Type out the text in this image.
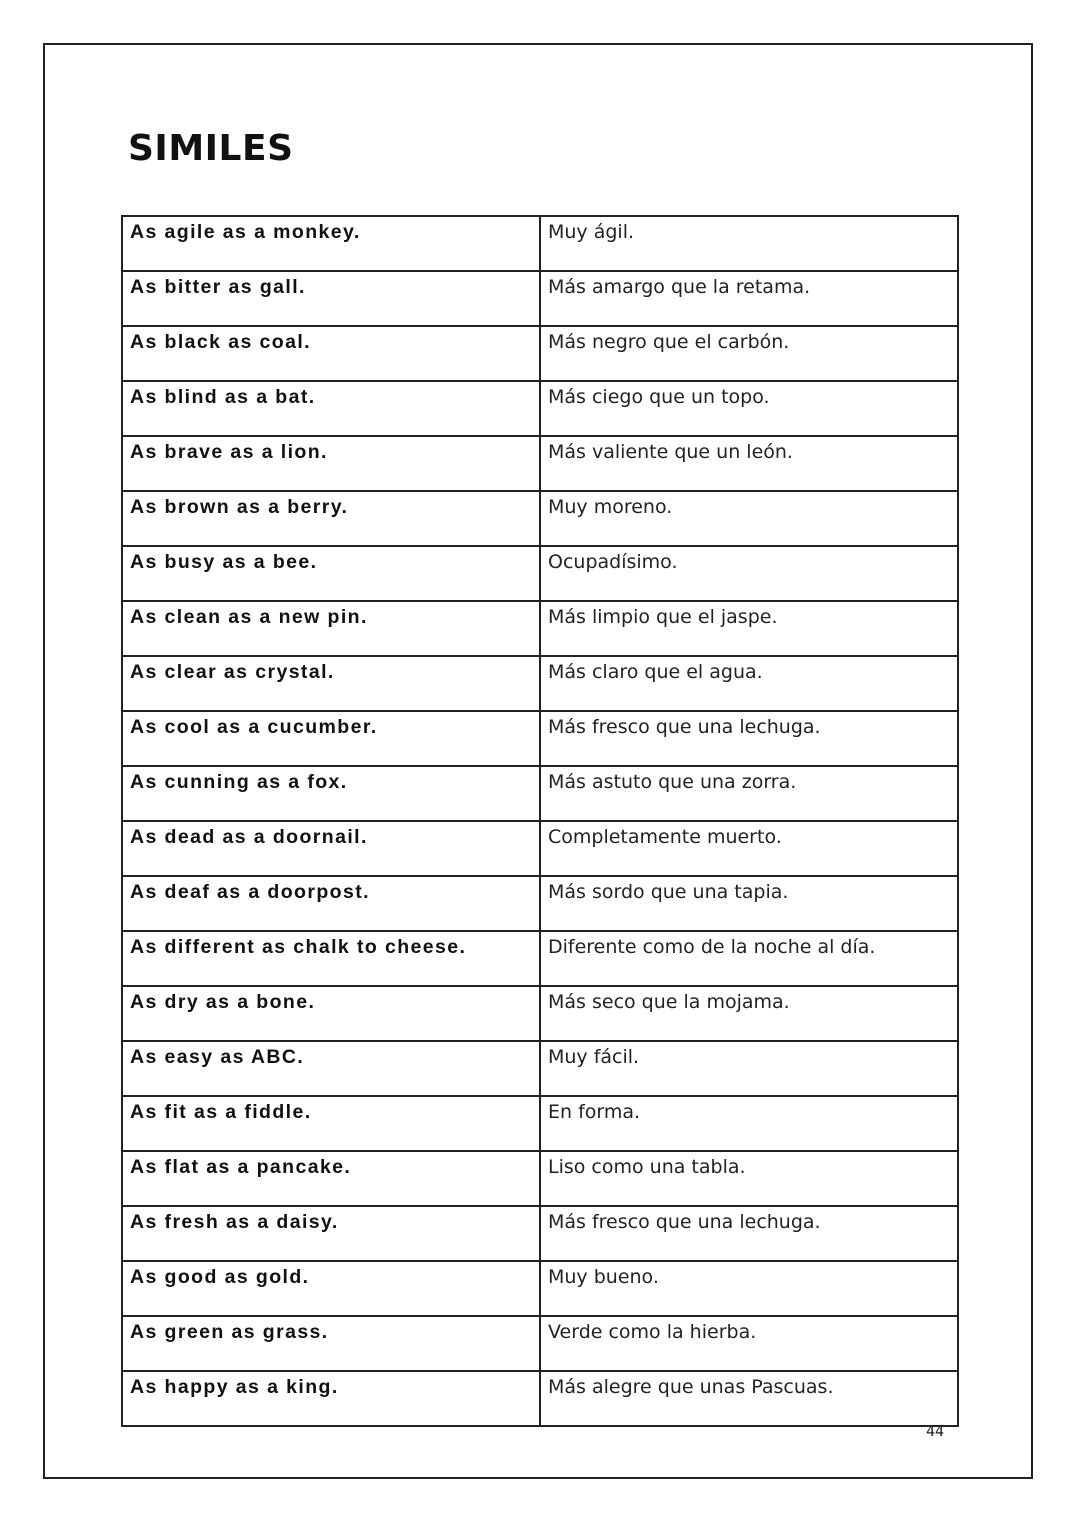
SIMILES
As agile as a monkey.	Muy ágil.
As bitter as gall.	Más amargo que la retama.
As black as coal.	Más negro que el carbón.
As blind as a bat.	Más ciego que un topo.
As brave as a lion.	Más valiente que un león.
As brown as a berry.	Muy moreno.
As busy as a bee.	Ocupadísimo.
As clean as a new pin.	Más limpio que el jaspe.
As clear as crystal.	Más claro que el agua.
As cool as a cucumber.	Más fresco que una lechuga.
As cunning as a fox.	Más astuto que una zorra.
As dead as a doornail.	Completamente muerto.
As deaf as a doorpost.	Más sordo que una tapia.
As different as chalk to cheese.	Diferente como de la noche al día.
As dry as a bone.	Más seco que la mojama.
As easy as ABC.	Muy fácil.
As fit as a fiddle.	En forma.
As flat as a pancake.	Liso como una tabla.
As fresh as a daisy.	Más fresco que una lechuga.
As good as gold.	Muy bueno.
As green as grass.	Verde como la hierba.
As happy as a king.	Más alegre que unas Pascuas.
44
